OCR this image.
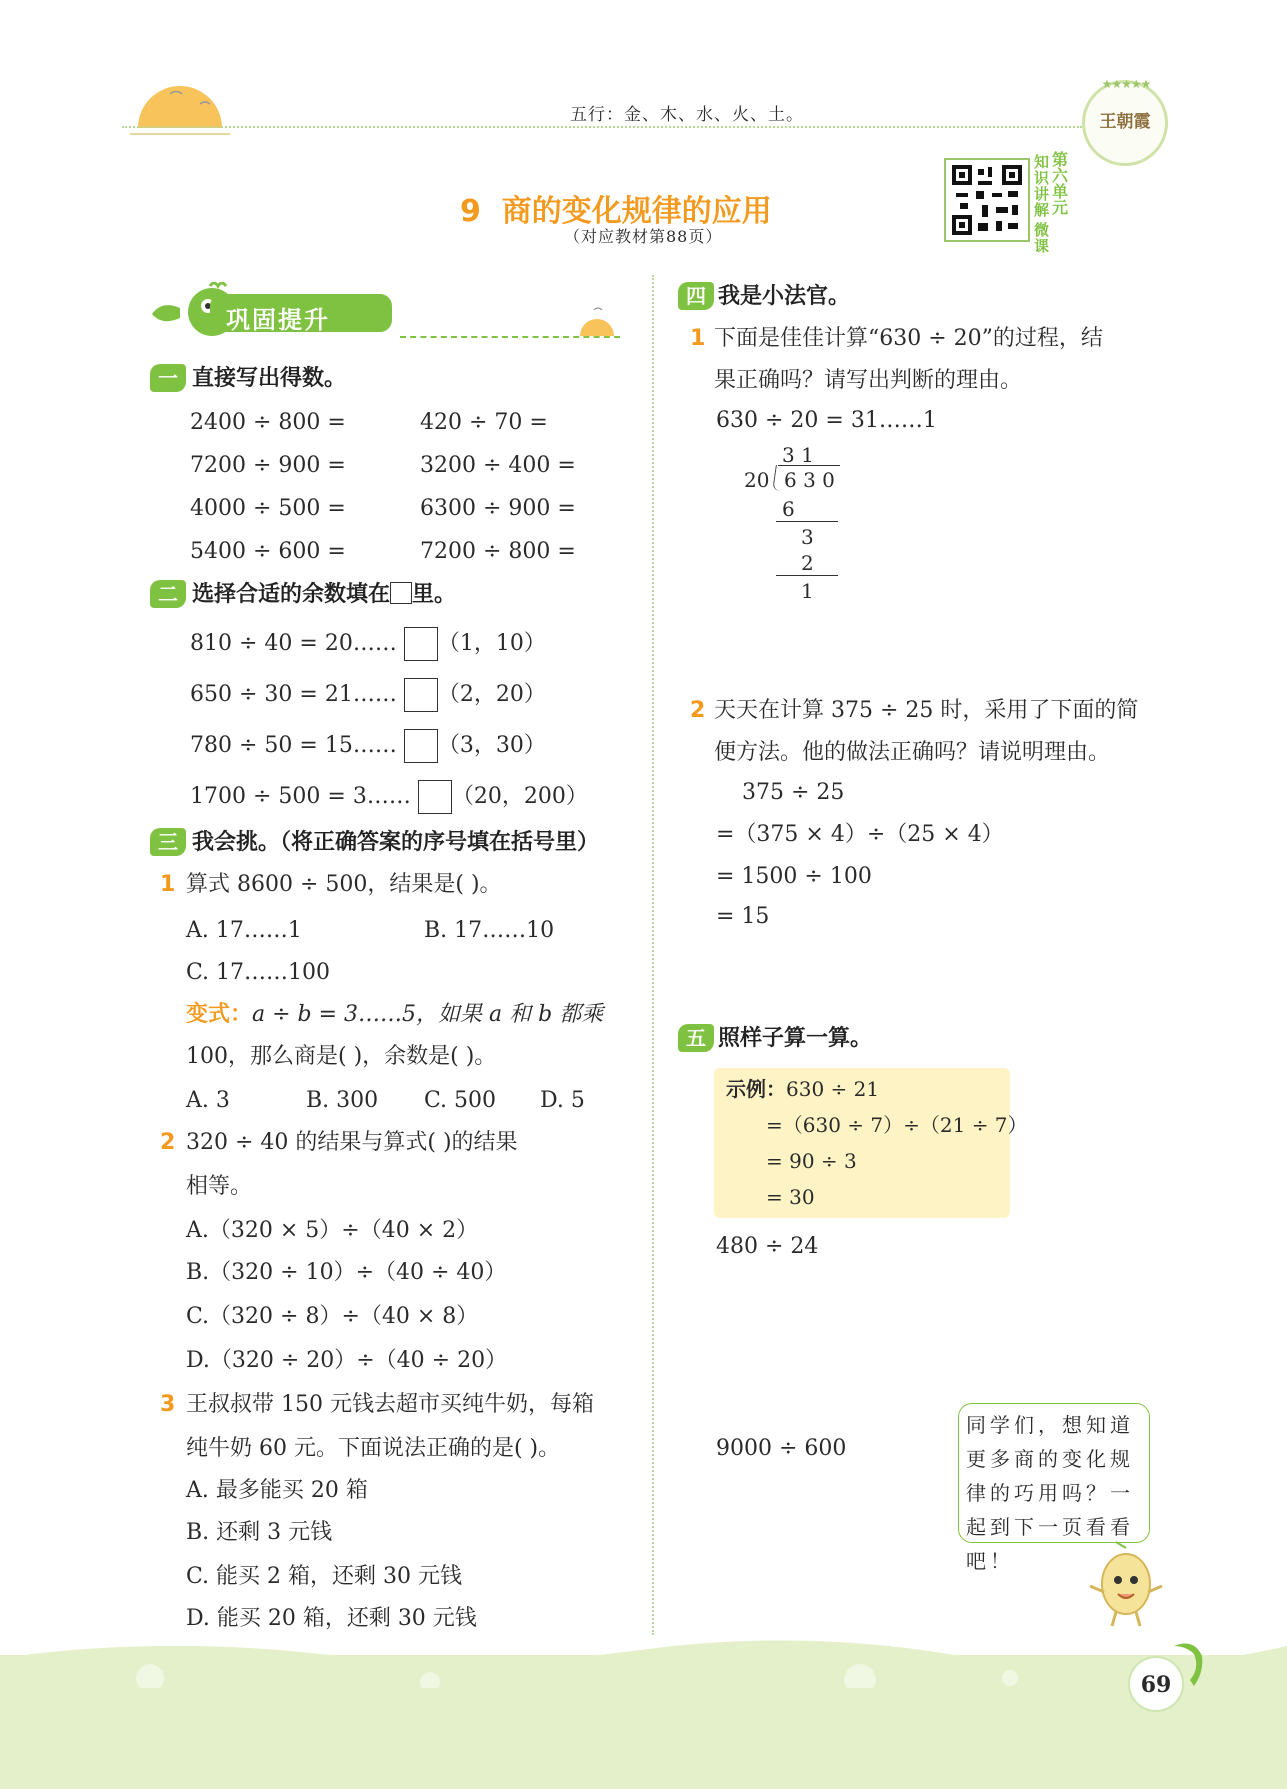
五行：金、木、水、火、土。
★★★★★
王朝霞
9 商的变化规律的应用
（对应教材第88页）
知识讲解
第六单元
微课
巩固提升
一 直接写出得数。
2400 ÷ 800 =	420 ÷ 70 =
7200 ÷ 900 =	3200 ÷ 400 =
4000 ÷ 500 =	6300 ÷ 900 =
5400 ÷ 600 =	7200 ÷ 800 =
二 选择合适的余数填在 里。
810 ÷ 40 = 20…… （1，10）
650 ÷ 30 = 21…… （2，20）
780 ÷ 50 = 15…… （3，30）
1700 ÷ 500 = 3…… （20，200）
三 我会挑。（将正确答案的序号填在括号里）
1 算式 8600 ÷ 500，结果是( )。
A. 17……1	B. 17……10
C. 17……100
变式：a ÷ b = 3……5，如果 a 和 b 都乘
100，那么商是( )，余数是( )。
A. 3	B. 300 C. 500 D. 5
2 320 ÷ 40 的结果与算式( )的结果
相等。
A.（320 × 5）÷（40 × 2）
B.（320 ÷ 10）÷（40 ÷ 40）
C.（320 ÷ 8）÷（40 × 8）
D.（320 ÷ 20）÷（40 ÷ 20）
3 王叔叔带 150 元钱去超市买纯牛奶，每箱
纯牛奶 60 元。下面说法正确的是( )。
A. 最多能买 20 箱
B. 还剩 3 元钱
C. 能买 2 箱，还剩 30 元钱
D. 能买 20 箱，还剩 30 元钱
四 我是小法官。
1 下面是佳佳计算“630 ÷ 20”的过程，结
果正确吗？请写出判断的理由。
630 ÷ 20 = 31……1
3 1
20 6 3 0
6
3
2
1
2 天天在计算 375 ÷ 25 时，采用了下面的简
便方法。他的做法正确吗？请说明理由。
375 ÷ 25
=（375 × 4）÷（25 × 4）
= 1500 ÷ 100
= 15
五 照样子算一算。
示例：630 ÷ 21
=（630 ÷ 7）÷（21 ÷ 7）
= 90 ÷ 3
= 30
480 ÷ 24
9000 ÷ 600
同学们，想知道更多商的变化规律的巧用吗？一起到下一页看看吧！
69
